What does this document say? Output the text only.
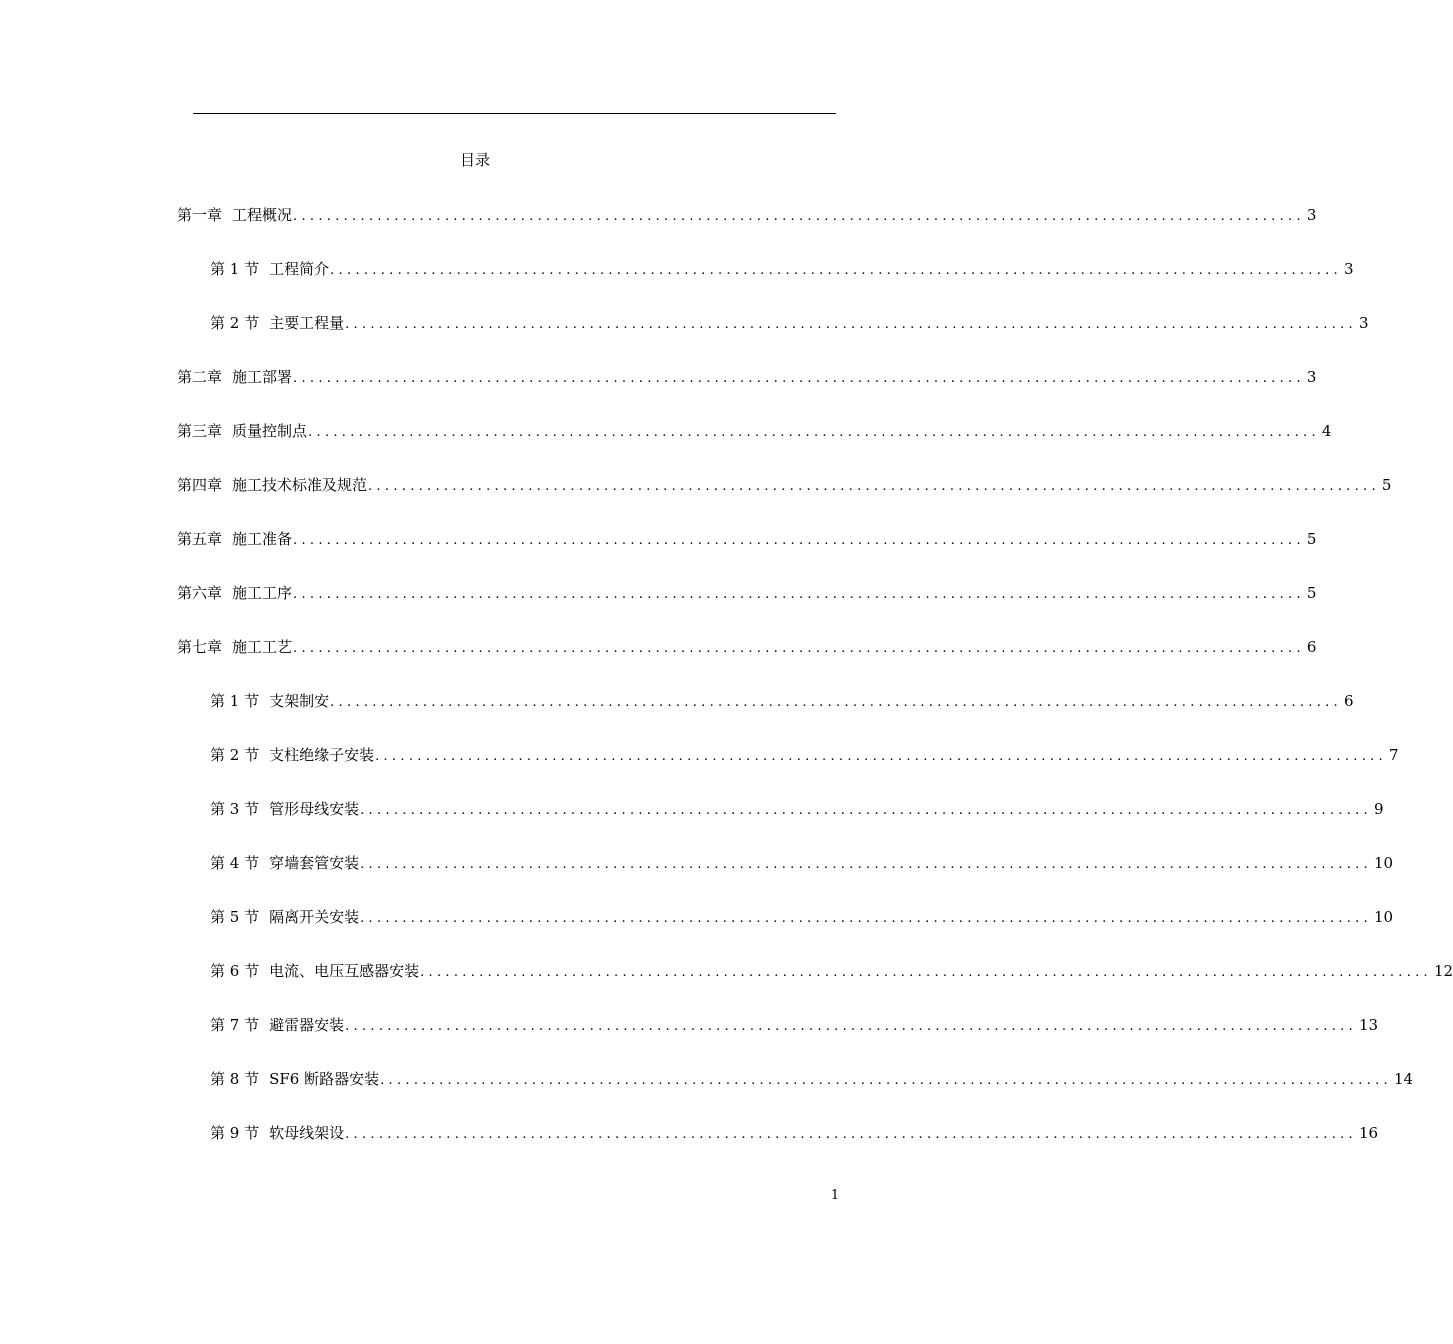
目录
第一章 工程概况 ........................................................................................................................ 3
第 1 节 工程简介 ........................................................................................................................ 3
第 2 节 主要工程量 ........................................................................................................................ 3
第二章 施工部署 ........................................................................................................................ 3
第三章 质量控制点 ........................................................................................................................ 4
第四章 施工技术标准及规范 ........................................................................................................................ 5
第五章 施工准备 ........................................................................................................................ 5
第六章 施工工序 ........................................................................................................................ 5
第七章 施工工艺 ........................................................................................................................ 6
第 1 节 支架制安 ........................................................................................................................ 6
第 2 节 支柱绝缘子安装 ........................................................................................................................ 7
第 3 节 管形母线安装 ........................................................................................................................ 9
第 4 节 穿墙套管安装 ........................................................................................................................ 10
第 5 节 隔离开关安装 ........................................................................................................................ 10
第 6 节 电流、电压互感器安装 ........................................................................................................................ 12
第 7 节 避雷器安装 ........................................................................................................................ 13
第 8 节 SF6 断路器安装 ........................................................................................................................ 14
第 9 节 软母线架设 ........................................................................................................................ 16
1
